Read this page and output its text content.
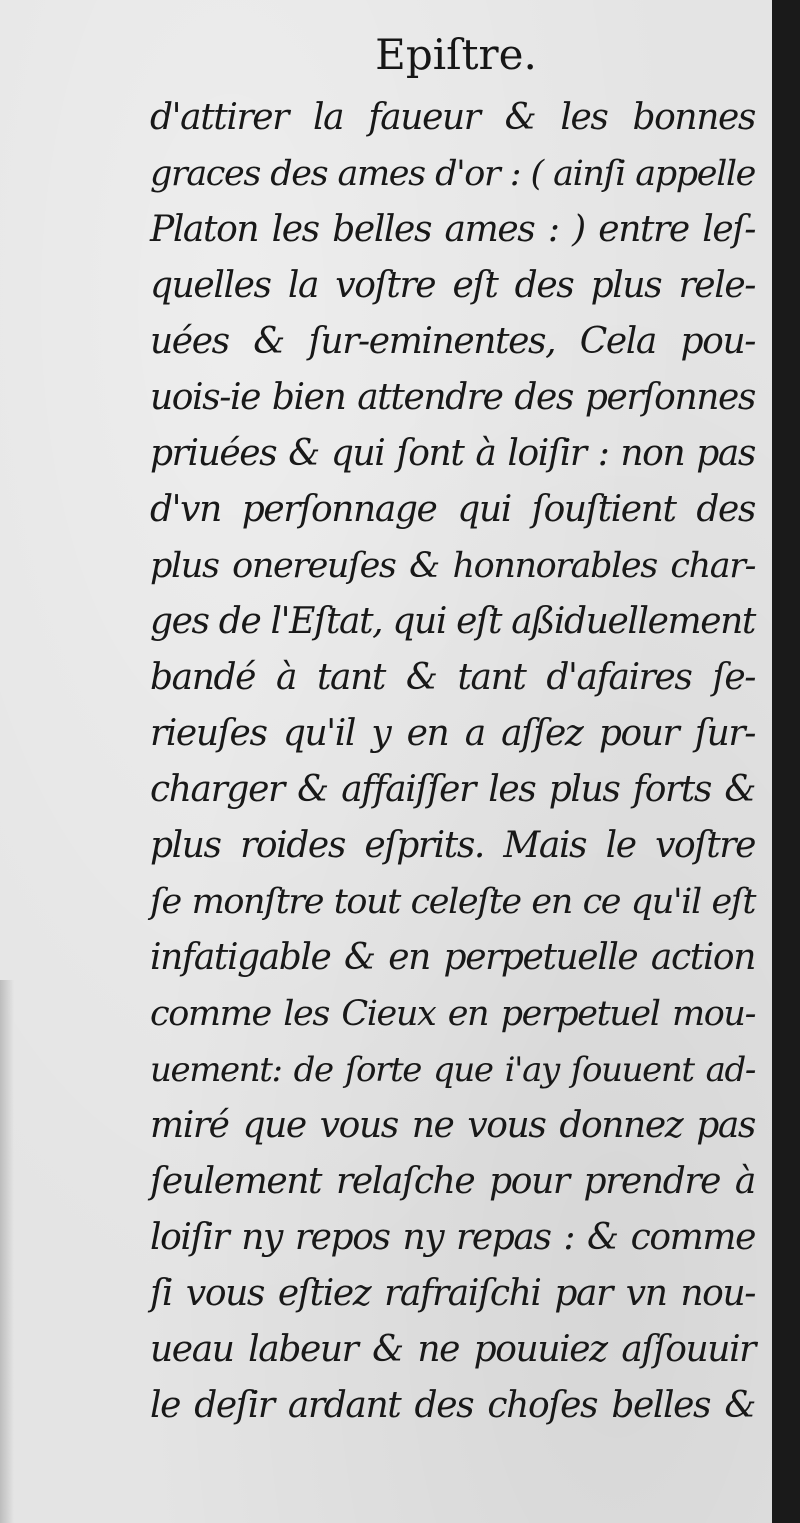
Epiſtre.
d'attirer la faueur & les bonnes
graces des ames d'or : ( ainſi appelle
Platon les belles ames : ) entre leſ-
quelles la voſtre eſt des plus rele-
uées & ſur-eminentes, Cela pou-
uois-ie bien attendre des perſonnes
priuées & qui ſont à loiſir : non pas
d'vn perſonnage qui ſouſtient des
plus onereuſes & honnorables char-
ges de l'Eſtat, qui eſt aßiduellement
bandé à tant & tant d'afaires ſe-
rieuſes qu'il y en a aſſez pour ſur-
charger & affaiſſer les plus forts &
plus roides eſprits. Mais le voſtre
ſe monſtre tout celeſte en ce qu'il eſt
infatigable & en perpetuelle action
comme les Cieux en perpetuel mou-
uement: de ſorte que i'ay ſouuent ad-
miré que vous ne vous donnez pas
ſeulement relaſche pour prendre à
loiſir ny repos ny repas : & comme
ſi vous eſtiez rafraiſchi par vn nou-
ueau labeur & ne pouuiez aſſouuir
le deſir ardant des choſes belles &
